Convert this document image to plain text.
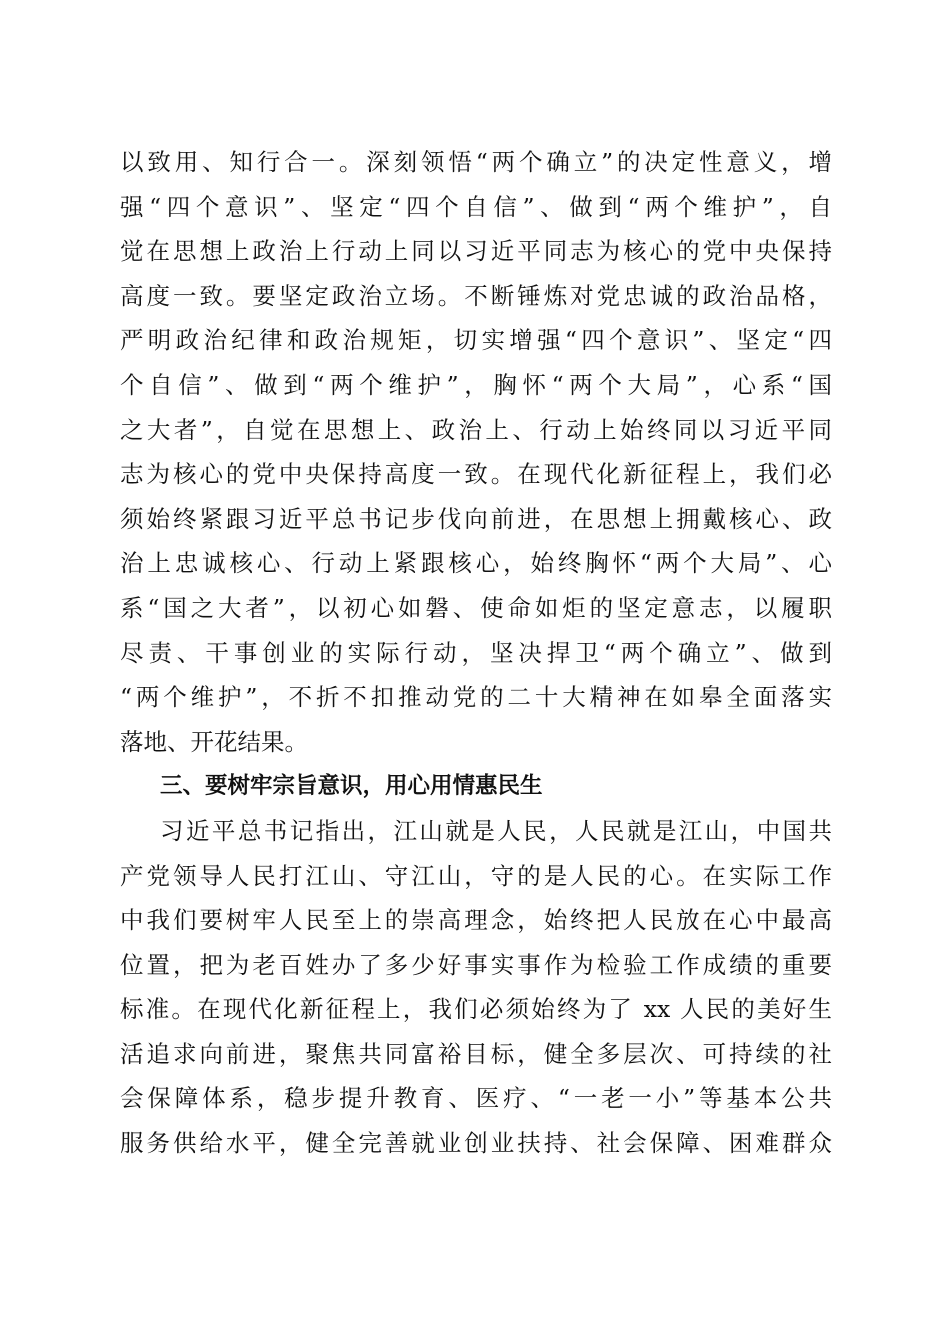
以致用、知行合一。深刻领悟“两个确立”的决定性意义，增
强“四个意识”、坚定“四个自信”、做到“两个维护”，自
觉在思想上政治上行动上同以习近平同志为核心的党中央保持
高度一致。要坚定政治立场。不断锤炼对党忠诚的政治品格，
严明政治纪律和政治规矩，切实增强“四个意识”、坚定“四
个自信”、做到“两个维护”，胸怀“两个大局”，心系“国
之大者”，自觉在思想上、政治上、行动上始终同以习近平同
志为核心的党中央保持高度一致。在现代化新征程上，我们必
须始终紧跟习近平总书记步伐向前进，在思想上拥戴核心、政
治上忠诚核心、行动上紧跟核心，始终胸怀“两个大局”、心
系“国之大者”，以初心如磐、使命如炬的坚定意志，以履职
尽责、干事创业的实际行动，坚决捍卫“两个确立”、做到
“两个维护”，不折不扣推动党的二十大精神在如皋全面落实
落地、开花结果。
三、要树牢宗旨意识，用心用情惠民生
习近平总书记指出，江山就是人民，人民就是江山，中国共
产党领导人民打江山、守江山，守的是人民的心。在实际工作
中我们要树牢人民至上的崇高理念，始终把人民放在心中最高
位置，把为老百姓办了多少好事实事作为检验工作成绩的重要
标准。在现代化新征程上，我们必须始终为了 xx 人民的美好生
活追求向前进，聚焦共同富裕目标，健全多层次、可持续的社
会保障体系，稳步提升教育、医疗、“一老一小”等基本公共
服务供给水平，健全完善就业创业扶持、社会保障、困难群众
